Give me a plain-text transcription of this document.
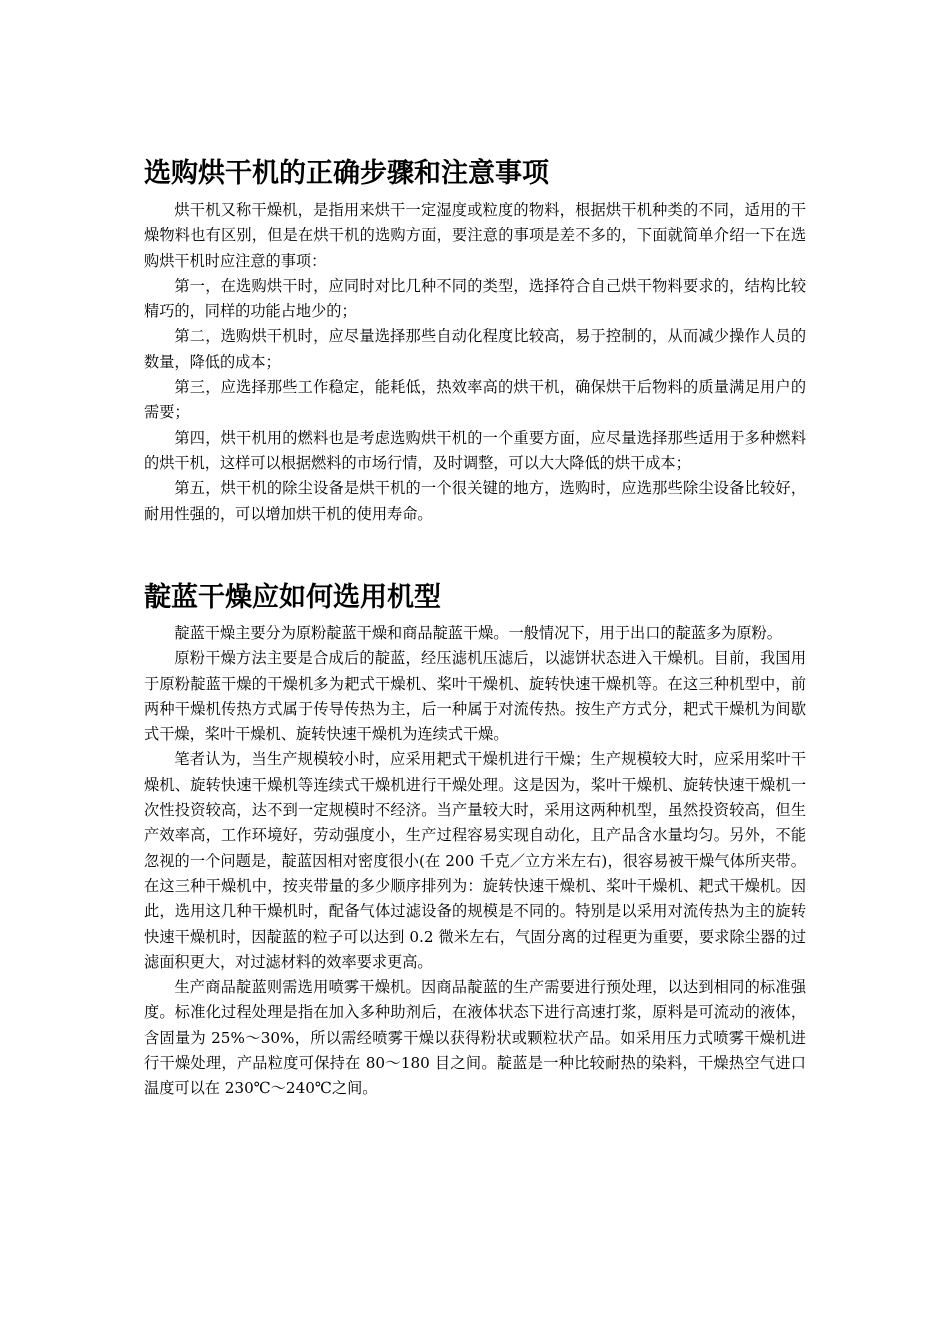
选购烘干机的正确步骤和注意事项

烘干机又称干燥机，是指用来烘干一定湿度或粒度的物料，根据烘干机种类的不同，适用的干燥物料也有区别，但是在烘干机的选购方面，要注意的事项是差不多的，下面就简单介绍一下在选购烘干机时应注意的事项：

第一，在选购烘干时，应同时对比几种不同的类型，选择符合自己烘干物料要求的，结构比较精巧的，同样的功能占地少的；

第二，选购烘干机时，应尽量选择那些自动化程度比较高，易于控制的，从而减少操作人员的数量，降低的成本；

第三，应选择那些工作稳定，能耗低，热效率高的烘干机，确保烘干后物料的质量满足用户的需要；

第四，烘干机用的燃料也是考虑选购烘干机的一个重要方面，应尽量选择那些适用于多种燃料的烘干机，这样可以根据燃料的市场行情，及时调整，可以大大降低的烘干成本；

第五，烘干机的除尘设备是烘干机的一个很关键的地方，选购时，应选那些除尘设备比较好，耐用性强的，可以增加烘干机的使用寿命。

靛蓝干燥应如何选用机型

靛蓝干燥主要分为原粉靛蓝干燥和商品靛蓝干燥。一般情况下，用于出口的靛蓝多为原粉。

原粉干燥方法主要是合成后的靛蓝，经压滤机压滤后，以滤饼状态进入干燥机。目前，我国用于原粉靛蓝干燥的干燥机多为耙式干燥机、桨叶干燥机、旋转快速干燥机等。在这三种机型中，前两种干燥机传热方式属于传导传热为主，后一种属于对流传热。按生产方式分，耙式干燥机为间歇式干燥，桨叶干燥机、旋转快速干燥机为连续式干燥。

笔者认为，当生产规模较小时，应采用耙式干燥机进行干燥；生产规模较大时，应采用桨叶干燥机、旋转快速干燥机等连续式干燥机进行干燥处理。这是因为，桨叶干燥机、旋转快速干燥机一次性投资较高，达不到一定规模时不经济。当产量较大时，采用这两种机型，虽然投资较高，但生产效率高，工作环境好，劳动强度小，生产过程容易实现自动化，且产品含水量均匀。另外，不能忽视的一个问题是，靛蓝因相对密度很小(在 200 千克／立方米左右)，很容易被干燥气体所夹带。在这三种干燥机中，按夹带量的多少顺序排列为：旋转快速干燥机、桨叶干燥机、耙式干燥机。因此，选用这几种干燥机时，配备气体过滤设备的规模是不同的。特别是以采用对流传热为主的旋转快速干燥机时，因靛蓝的粒子可以达到 0.2 微米左右，气固分离的过程更为重要，要求除尘器的过滤面积更大，对过滤材料的效率要求更高。

生产商品靛蓝则需选用喷雾干燥机。因商品靛蓝的生产需要进行预处理，以达到相同的标准强度。标准化过程处理是指在加入多种助剂后，在液体状态下进行高速打浆，原料是可流动的液体，含固量为 25%～30%，所以需经喷雾干燥以获得粉状或颗粒状产品。如采用压力式喷雾干燥机进行干燥处理，产品粒度可保持在 80～180 目之间。靛蓝是一种比较耐热的染料，干燥热空气进口温度可以在 230℃～240℃之间。
